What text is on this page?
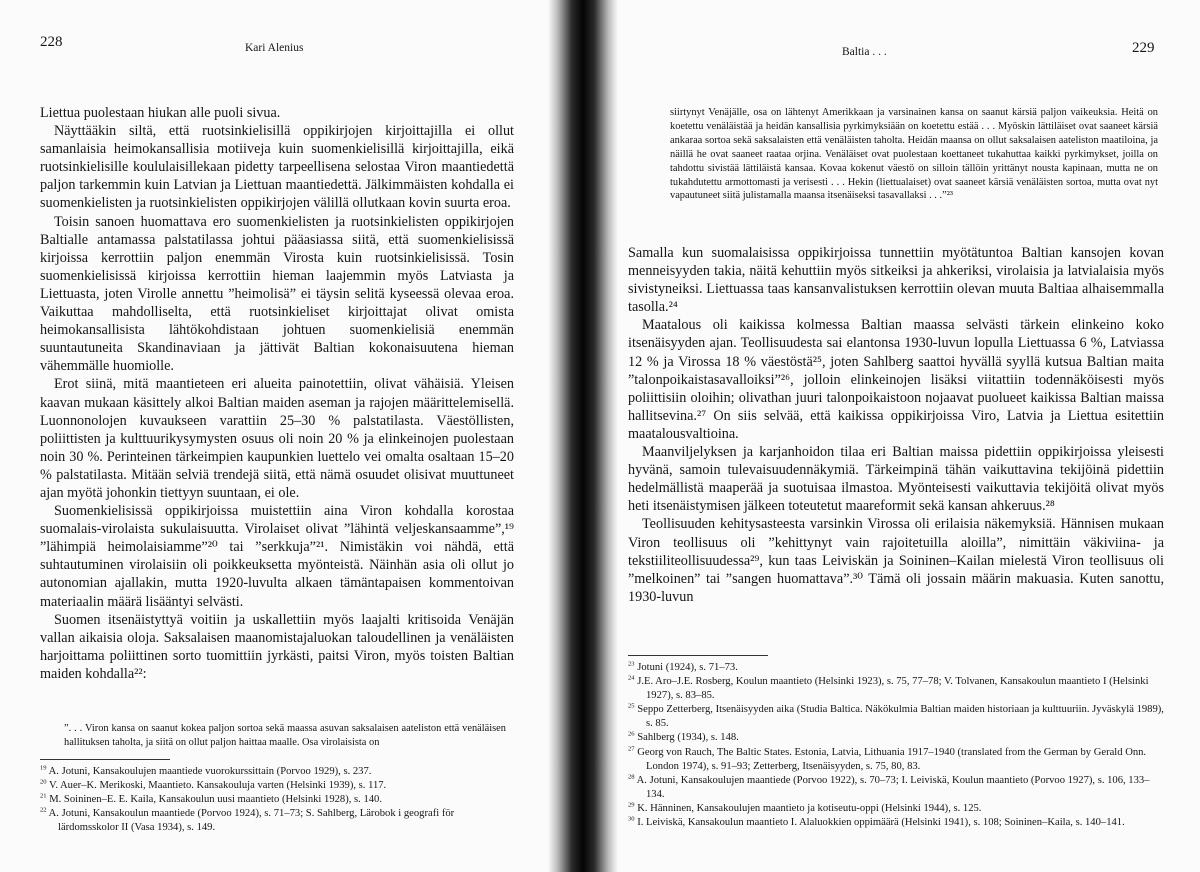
228	Kari Alenius

Liettua puolestaan hiukan alle puoli sivua.

Näyttääkin siltä, että ruotsinkielisillä oppikirjojen kirjoittajilla ei ollut samanlaisia heimokansallisia motiiveja kuin suomenkielisillä kirjoittajilla, eikä ruotsinkielisille koululaisillekaan pidetty tarpeellisena selostaa Viron maantiedettä paljon tarkemmin kuin Latvian ja Liettuan maantiedettä. Jälkimmäisten kohdalla ei suomenkielisten ja ruotsinkielisten oppikirjojen välillä ollutkaan kovin suurta eroa.

Toisin sanoen huomattava ero suomenkielisten ja ruotsinkielisten oppikirjojen Baltialle antamassa palstatilassa johtui pääasiassa siitä, että suomenkielisissä kirjoissa kerrottiin paljon enemmän Virosta kuin ruotsinkielisissä. Tosin suomenkielisissä kirjoissa kerrottiin hieman laajemmin myös Latviasta ja Liettuasta, joten Virolle annettu ”heimolisä” ei täysin selitä kyseessä olevaa eroa. Vaikuttaa mahdolliselta, että ruotsinkieliset kirjoittajat olivat omista heimokansallisista lähtökohdistaan johtuen suomenkielisiä enemmän suuntautuneita Skandinaviaan ja jättivät Baltian kokonaisuutena hieman vähemmälle huomiolle.

Erot siinä, mitä maantieteen eri alueita painotettiin, olivat vähäisiä. Yleisen kaavan mukaan käsittely alkoi Baltian maiden aseman ja rajojen määrittelemisellä. Luonnonolojen kuvaukseen varattiin 25–30 % palstatilasta. Väestöllisten, poliittisten ja kulttuurikysymysten osuus oli noin 20 % ja elinkeinojen puolestaan noin 30 %. Perinteinen tärkeimpien kaupunkien luettelo vei omalta osaltaan 15–20 % palstatilasta. Mitään selviä trendejä siitä, että nämä osuudet olisivat muuttuneet ajan myötä johonkin tiettyyn suuntaan, ei ole.

Suomenkielisissä oppikirjoissa muistettiin aina Viron kohdalla korostaa suomalais-virolaista sukulaisuutta. Virolaiset olivat ”lähintä veljeskansaamme”,¹⁹ ”lähimpiä heimolaisiamme”²⁰ tai ”serkkuja”²¹. Nimistäkin voi nähdä, että suhtautuminen virolaisiin oli poikkeuksetta myönteistä. Näinhän asia oli ollut jo autonomian ajallakin, mutta 1920-luvulta alkaen tämäntapaisen kommentoivan materiaalin määrä lisääntyi selvästi.

Suomen itsenäistyttyä voitiin ja uskallettiin myös laajalti kritisoida Venäjän vallan aikaisia oloja. Saksalaisen maanomistajaluokan taloudellinen ja venäläisten harjoittama poliittinen sorto tuomittiin jyrkästi, paitsi Viron, myös toisten Baltian maiden kohdalla²²:

”. . . Viron kansa on saanut kokea paljon sortoa sekä maassa asuvan saksalaisen aateliston että venäläisen hallituksen taholta, ja siitä on ollut paljon haittaa maalle. Osa virolaisista on

$^{19}$ A. Jotuni, Kansakoulujen maantiede vuorokurssittain (Porvoo 1929), s. 237.

$^{20}$ V. Auer–K. Merikoski, Maantieto. Kansakouluja varten (Helsinki 1939), s. 117.

$^{21}$ M. Soininen–E. E. Kaila, Kansakoulun uusi maantieto (Helsinki 1928), s. 140.

$^{22}$ A. Jotuni, Kansakoulun maantiede (Porvoo 1924), s. 71–73; S. Sahlberg, Lärobok i geografi för lärdomsskolor II (Vasa 1934), s. 149.

Baltia . . .	229

siirtynyt Venäjälle, osa on lähtenyt Amerikkaan ja varsinainen kansa on saanut kärsiä paljon vaikeuksia. Heitä on koetettu venäläistää ja heidän kansallisia pyrkimyksiään on koetettu estää . . . Myöskin lättiläiset ovat saaneet kärsiä ankaraa sortoa sekä saksalaisten että venäläisten taholta. Heidän maansa on ollut saksalaisen aateliston maatiloina, ja näillä he ovat saaneet raataa orjina. Venäläiset ovat puolestaan koettaneet tukahuttaa kaikki pyrkimykset, joilla on tahdottu sivistää lättiläistä kansaa. Kovaa kokenut väestö on silloin tällöin yrittänyt nousta kapinaan, mutta ne on tukahdutettu armottomasti ja verisesti . . . Hekin (liettualaiset) ovat saaneet kärsiä venäläisten sortoa, mutta ovat nyt vapautuneet siitä julistamalla maansa itsenäiseksi tasavallaksi . . .”²³

Samalla kun suomalaisissa oppikirjoissa tunnettiin myötätuntoa Baltian kansojen kovan menneisyyden takia, näitä kehuttiin myös sitkeiksi ja ahkeriksi, virolaisia ja latvialaisia myös sivistyneiksi. Liettuassa taas kansanvalistuksen kerrottiin olevan muuta Baltiaa alhaisemmalla tasolla.²⁴

Maatalous oli kaikissa kolmessa Baltian maassa selvästi tärkein elinkeino koko itsenäisyyden ajan. Teollisuudesta sai elantonsa 1930-luvun lopulla Liettuassa 6 %, Latviassa 12 % ja Virossa 18 % väestöstä²⁵, joten Sahlberg saattoi hyvällä syyllä kutsua Baltian maita ”talonpoikaistasavalloiksi”²⁶, jolloin elinkeinojen lisäksi viitattiin todennäköisesti myös poliittisiin oloihin; olivathan juuri talonpoikaistoon nojaavat puolueet kaikissa Baltian maissa hallitsevina.²⁷ On siis selvää, että kaikissa oppikirjoissa Viro, Latvia ja Liettua esitettiin maatalousvaltioina.

Maanviljelyksen ja karjanhoidon tilaa eri Baltian maissa pidettiin oppikirjoissa yleisesti hyvänä, samoin tulevaisuudennäkymiä. Tärkeimpinä tähän vaikuttavina tekijöinä pidettiin hedelmällistä maaperää ja suotuisaa ilmastoa. Myönteisesti vaikuttavia tekijöitä olivat myös heti itsenäistymisen jälkeen toteutetut maareformit sekä kansan ahkeruus.²⁸

Teollisuuden kehitysasteesta varsinkin Virossa oli erilaisia näkemyksiä. Hännisen mukaan Viron teollisuus oli ”kehittynyt vain rajoitetuilla aloilla”, nimittäin väkiviina- ja tekstiiliteollisuudessa²⁹, kun taas Leiviskän ja Soininen–Kailan mielestä Viron teollisuus oli ”melkoinen” tai ”sangen huomattava”.³⁰ Tämä oli jossain määrin makuasia. Kuten sanottu, 1930-luvun

$^{23}$ Jotuni (1924), s. 71–73.

$^{24}$ J.E. Aro–J.E. Rosberg, Koulun maantieto (Helsinki 1923), s. 75, 77–78; V. Tolvanen, Kansakoulun maantieto I (Helsinki 1927), s. 83–85.

$^{25}$ Seppo Zetterberg, Itsenäisyyden aika (Studia Baltica. Näkökulmia Baltian maiden historiaan ja kulttuuriin. Jyväskylä 1989), s. 85.

$^{26}$ Sahlberg (1934), s. 148.

$^{27}$ Georg von Rauch, The Baltic States. Estonia, Latvia, Lithuania 1917–1940 (translated from the German by Gerald Onn. London 1974), s. 91–93; Zetterberg, Itsenäisyyden, s. 75, 80, 83.

$^{28}$ A. Jotuni, Kansakoulujen maantiede (Porvoo 1922), s. 70–73; I. Leiviskä, Koulun maantieto (Porvoo 1927), s. 106, 133–134.

$^{29}$ K. Hänninen, Kansakoulujen maantieto ja kotiseutu-oppi (Helsinki 1944), s. 125.

$^{30}$ I. Leiviskä, Kansakoulun maantieto I. Alaluokkien oppimäärä (Helsinki 1941), s. 108; Soininen–Kaila, s. 140–141.
